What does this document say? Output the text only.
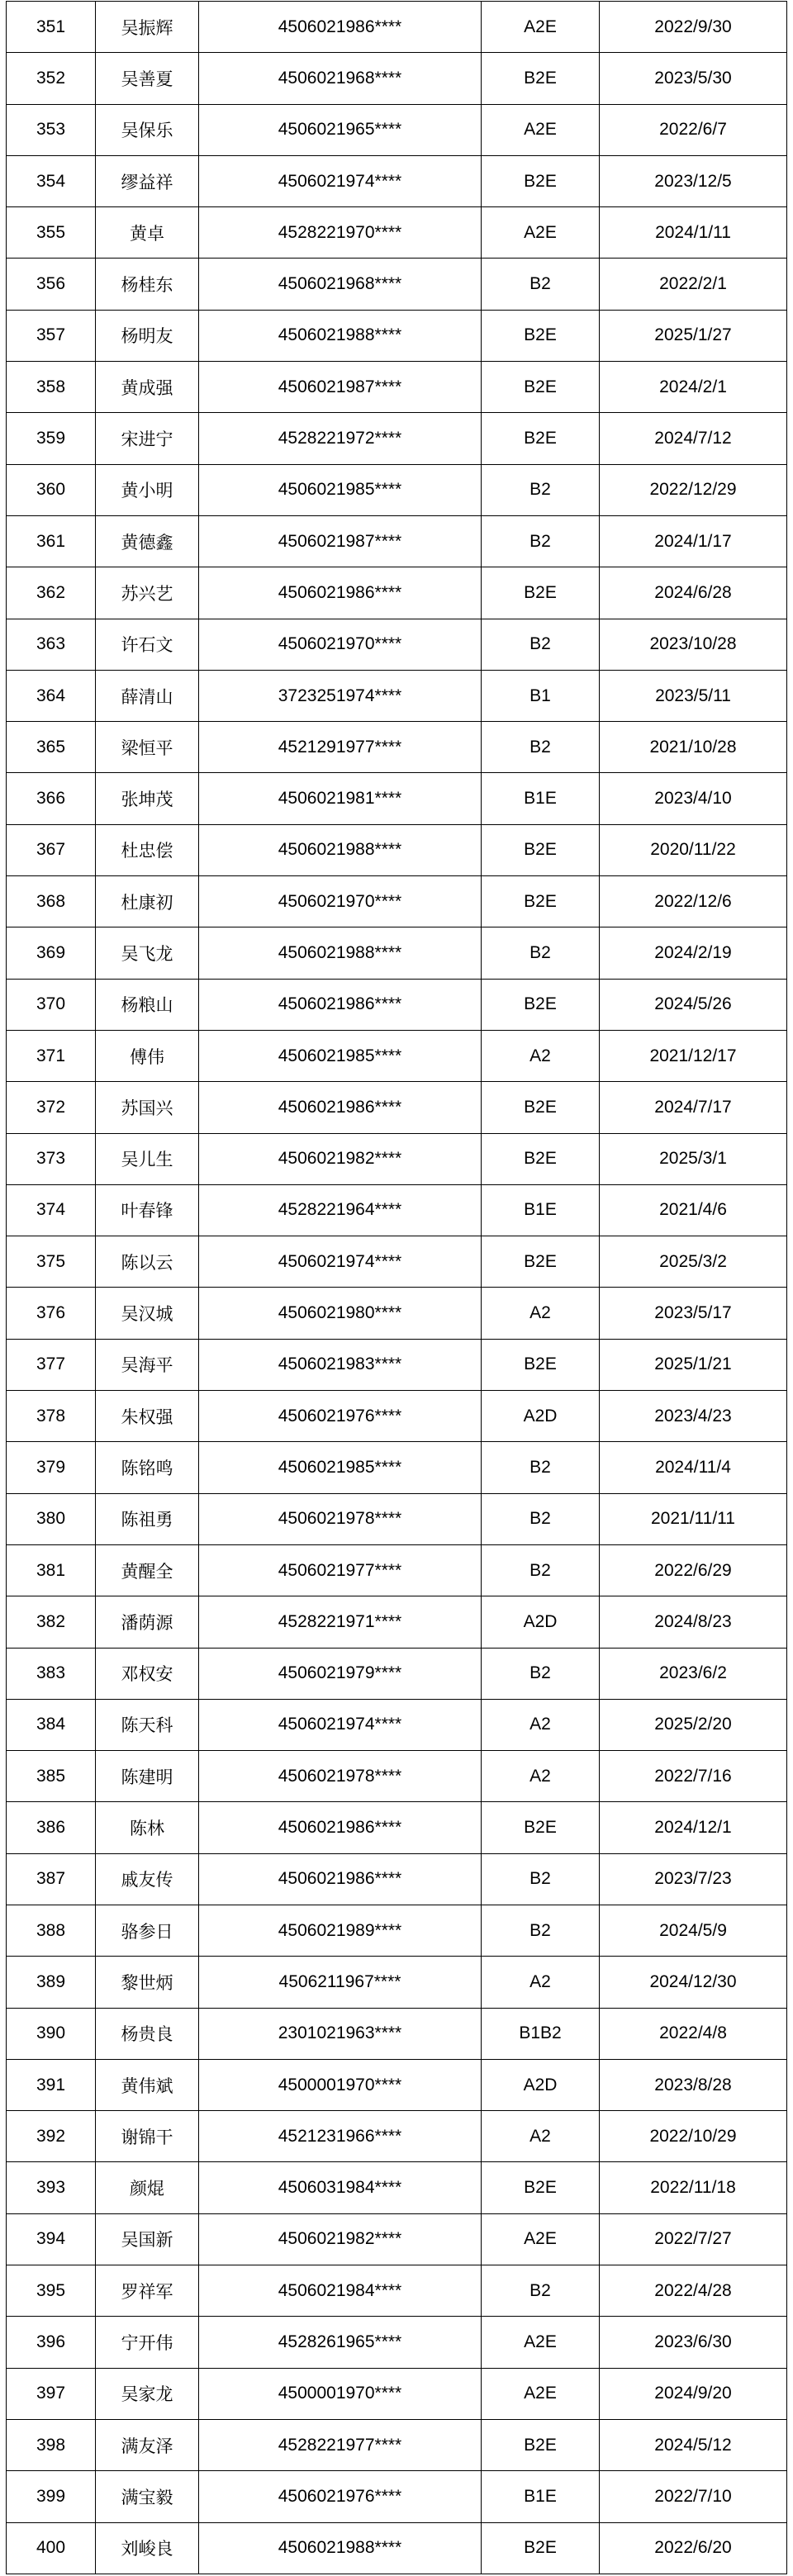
351	吴振辉	4506021986****	A2E	2022/9/30
352	吴善夏	4506021968****	B2E	2023/5/30
353	吴保乐	4506021965****	A2E	2022/6/7
354	缪益祥	4506021974****	B2E	2023/12/5
355	黄卓	4528221970****	A2E	2024/1/11
356	杨桂东	4506021968****	B2	2022/2/1
357	杨明友	4506021988****	B2E	2025/1/27
358	黄成强	4506021987****	B2E	2024/2/1
359	宋进宁	4528221972****	B2E	2024/7/12
360	黄小明	4506021985****	B2	2022/12/29
361	黄德鑫	4506021987****	B2	2024/1/17
362	苏兴艺	4506021986****	B2E	2024/6/28
363	许石文	4506021970****	B2	2023/10/28
364	薛清山	3723251974****	B1	2023/5/11
365	梁恒平	4521291977****	B2	2021/10/28
366	张坤茂	4506021981****	B1E	2023/4/10
367	杜忠偿	4506021988****	B2E	2020/11/22
368	杜康初	4506021970****	B2E	2022/12/6
369	吴飞龙	4506021988****	B2	2024/2/19
370	杨粮山	4506021986****	B2E	2024/5/26
371	傅伟	4506021985****	A2	2021/12/17
372	苏国兴	4506021986****	B2E	2024/7/17
373	吴儿生	4506021982****	B2E	2025/3/1
374	叶春锋	4528221964****	B1E	2021/4/6
375	陈以云	4506021974****	B2E	2025/3/2
376	吴汉城	4506021980****	A2	2023/5/17
377	吴海平	4506021983****	B2E	2025/1/21
378	朱权强	4506021976****	A2D	2023/4/23
379	陈铭鸣	4506021985****	B2	2024/11/4
380	陈祖勇	4506021978****	B2	2021/11/11
381	黄醒全	4506021977****	B2	2022/6/29
382	潘荫源	4528221971****	A2D	2024/8/23
383	邓权安	4506021979****	B2	2023/6/2
384	陈天科	4506021974****	A2	2025/2/20
385	陈建明	4506021978****	A2	2022/7/16
386	陈林	4506021986****	B2E	2024/12/1
387	戚友传	4506021986****	B2	2023/7/23
388	骆参日	4506021989****	B2	2024/5/9
389	黎世炳	4506211967****	A2	2024/12/30
390	杨贵良	2301021963****	B1B2	2022/4/8
391	黄伟斌	4500001970****	A2D	2023/8/28
392	谢锦干	4521231966****	A2	2022/10/29
393	颜焜	4506031984****	B2E	2022/11/18
394	吴国新	4506021982****	A2E	2022/7/27
395	罗祥军	4506021984****	B2	2022/4/28
396	宁开伟	4528261965****	A2E	2023/6/30
397	吴家龙	4500001970****	A2E	2024/9/20
398	满友泽	4528221977****	B2E	2024/5/12
399	满宝毅	4506021976****	B1E	2022/7/10
400	刘峻良	4506021988****	B2E	2022/6/20
